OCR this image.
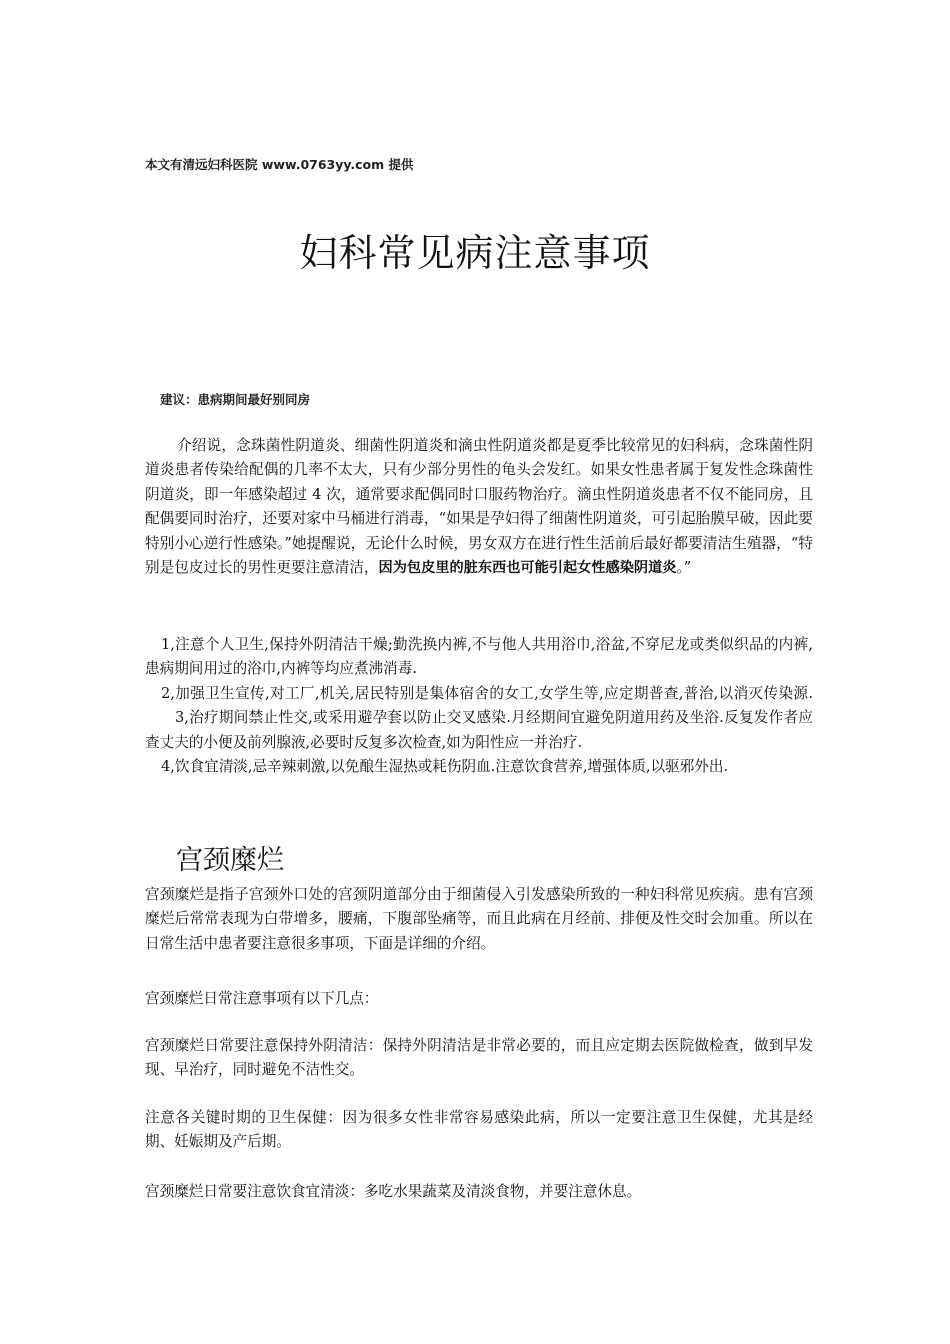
本文有清远妇科医院 www.0763yy.com 提供
妇科常见病注意事项
建议：患病期间最好别同房
介绍说，念珠菌性阴道炎、细菌性阴道炎和滴虫性阴道炎都是夏季比较常见的妇科病，念珠菌性阴道炎患者传染给配偶的几率不太大，只有少部分男性的龟头会发红。如果女性患者属于复发性念珠菌性阴道炎，即一年感染超过 4 次，通常要求配偶同时口服药物治疗。滴虫性阴道炎患者不仅不能同房，且配偶要同时治疗，还要对家中马桶进行消毒，“如果是孕妇得了细菌性阴道炎，可引起胎膜早破，因此要特别小心逆行性感染。”她提醒说，无论什么时候，男女双方在进行性生活前后最好都要清洁生殖器，“特别是包皮过长的男性更要注意清洁，因为包皮里的脏东西也可能引起女性感染阴道炎。”

1,注意个人卫生,保持外阴清洁干燥;勤洗换内裤,不与他人共用浴巾,浴盆,不穿尼龙或类似织品的内裤,患病期间用过的浴巾,内裤等均应煮沸消毒.

2,加强卫生宣传,对工厂,机关,居民特别是集体宿舍的女工,女学生等,应定期普查,普治,以消灭传染源.3,治疗期间禁止性交,或采用避孕套以防止交叉感染.月经期间宜避免阴道用药及坐浴.反复发作者应查丈夫的小便及前列腺液,必要时反复多次检查,如为阳性应一并治疗.

4,饮食宜清淡,忌辛辣刺激,以免酿生湿热或耗伤阴血.注意饮食营养,增强体质,以驱邪外出.

宫颈糜烂

宫颈糜烂是指子宫颈外口处的宫颈阴道部分由于细菌侵入引发感染所致的一种妇科常见疾病。患有宫颈糜烂后常常表现为白带增多，腰痛，下腹部坠痛等，而且此病在月经前、排便及性交时会加重。所以在日常生活中患者要注意很多事项，下面是详细的介绍。

宫颈糜烂日常注意事项有以下几点：

宫颈糜烂日常要注意保持外阴清洁：保持外阴清洁是非常必要的，而且应定期去医院做检查，做到早发现、早治疗，同时避免不洁性交。

注意各关键时期的卫生保健：因为很多女性非常容易感染此病，所以一定要注意卫生保健，尤其是经期、妊娠期及产后期。

宫颈糜烂日常要注意饮食宜清淡：多吃水果蔬菜及清淡食物，并要注意休息。
